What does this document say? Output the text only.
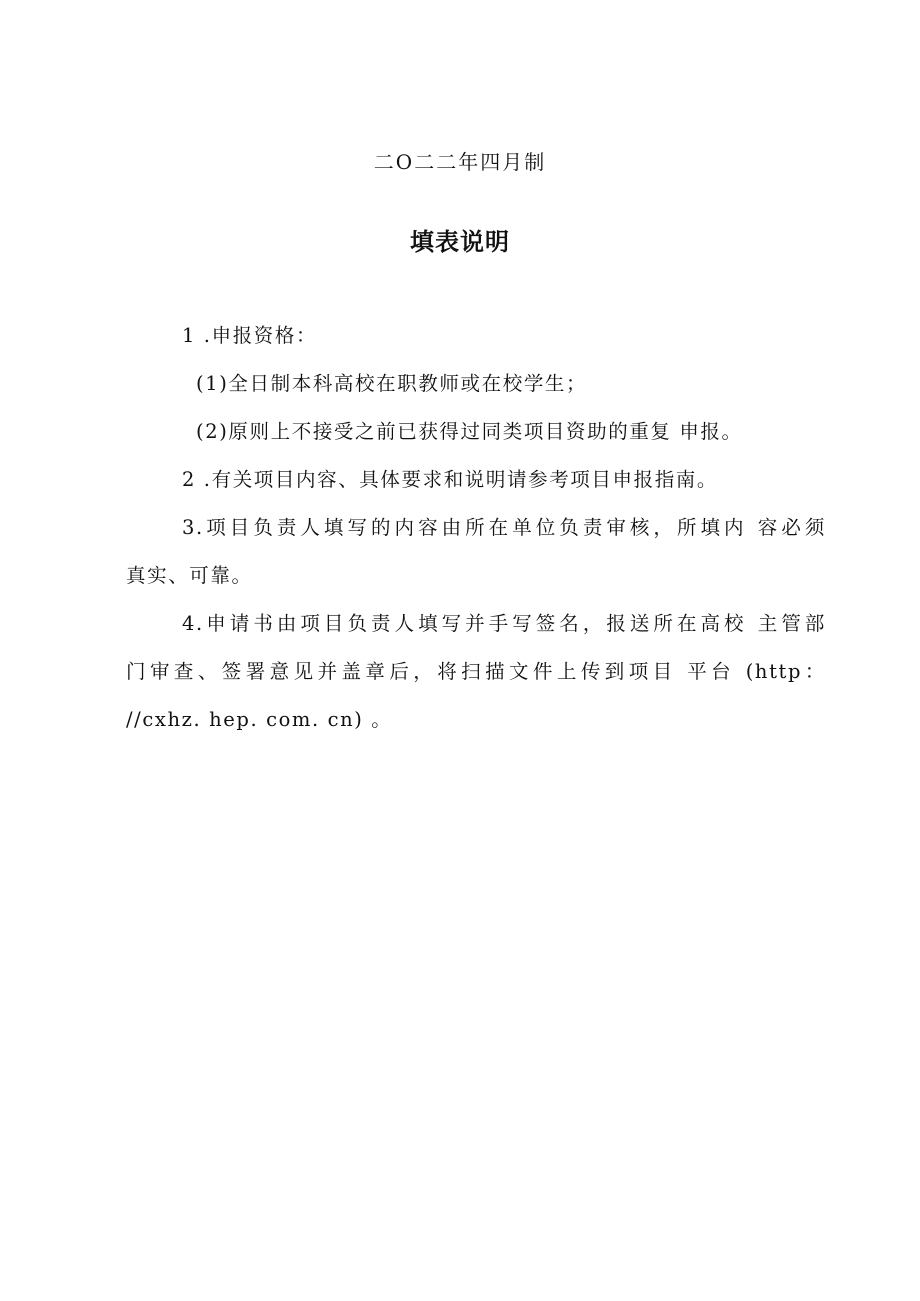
二O二二年四月制
填表说明

1 .申报资格：

(1)全日制本科高校在职教师或在校学生；

(2)原则上不接受之前已获得过同类项目资助的重复 申报。

2 .有关项目内容、具体要求和说明请参考项目申报指南。

3.项目负责人填写的内容由所在单位负责审核，所填内 容必须

真实、可靠。

4.申请书由项目负责人填写并手写签名，报送所在高校 主管部

门审查、签署意见并盖章后，将扫描文件上传到项目 平台 (http：

//cxhz. hep. com. cn) 。
